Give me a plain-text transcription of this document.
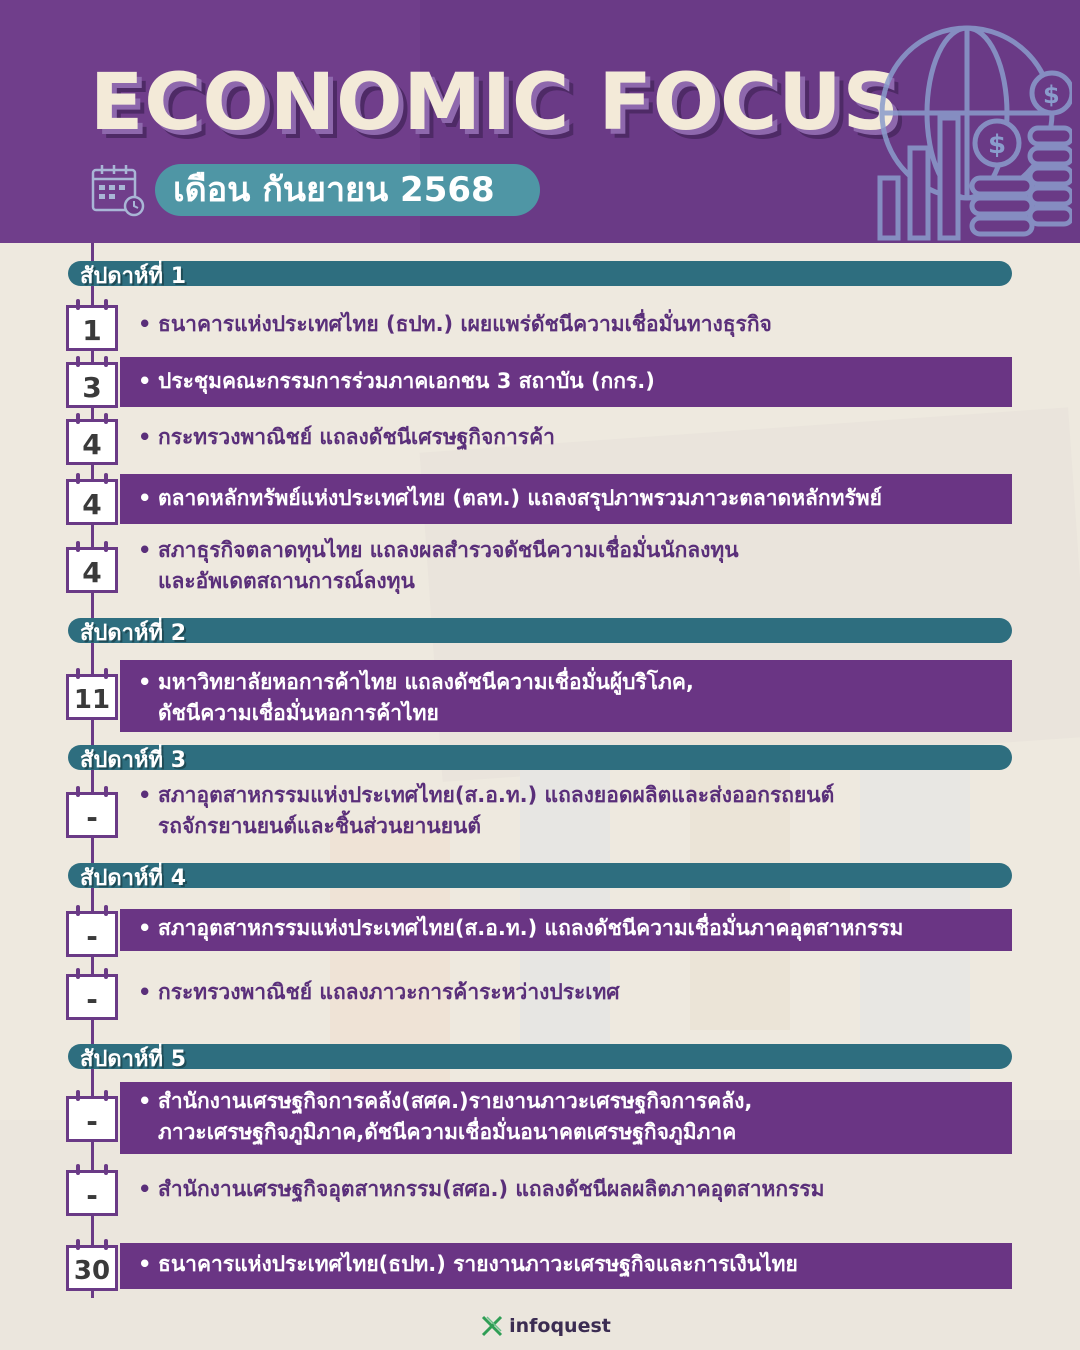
ECONOMIC FOCUS
เดือน กันยายน 2568
$
$
สัปดาห์ที่ 1
สัปดาห์ที่ 2
สัปดาห์ที่ 3
สัปดาห์ที่ 4
สัปดาห์ที่ 5
1
3
4
4
4
11
-
-
-
-
-
30
• ธนาคารแห่งประเทศไทย (ธปท.) เผยแพร่ดัชนีความเชื่อมั่นทางธุรกิจ
• ประชุมคณะกรรมการร่วมภาคเอกชน 3 สถาบัน (กกร.)
• กระทรวงพาณิชย์ แถลงดัชนีเศรษฐกิจการค้า
• ตลาดหลักทรัพย์แห่งประเทศไทย (ตลท.) แถลงสรุปภาพรวมภาวะตลาดหลักทรัพย์
• สภาธุรกิจตลาดทุนไทย แถลงผลสำรวจดัชนีความเชื่อมั่นนักลงทุน
และอัพเดตสถานการณ์ลงทุน
• มหาวิทยาลัยหอการค้าไทย แถลงดัชนีความเชื่อมั่นผู้บริโภค,
ดัชนีความเชื่อมั่นหอการค้าไทย
• สภาอุตสาหกรรมแห่งประเทศไทย(ส.อ.ท.) แถลงยอดผลิตและส่งออกรถยนต์
รถจักรยานยนต์และชิ้นส่วนยานยนต์
• สภาอุตสาหกรรมแห่งประเทศไทย(ส.อ.ท.) แถลงดัชนีความเชื่อมั่นภาคอุตสาหกรรม
• กระทรวงพาณิชย์ แถลงภาวะการค้าระหว่างประเทศ
• สำนักงานเศรษฐกิจการคลัง(สศค.)รายงานภาวะเศรษฐกิจการคลัง,
ภาวะเศรษฐกิจภูมิภาค,ดัชนีความเชื่อมั่นอนาคตเศรษฐกิจภูมิภาค
• สำนักงานเศรษฐกิจอุตสาหกรรม(สศอ.) แถลงดัชนีผลผลิตภาคอุตสาหกรรม
• ธนาคารแห่งประเทศไทย(ธปท.) รายงานภาวะเศรษฐกิจและการเงินไทย
infoquest
